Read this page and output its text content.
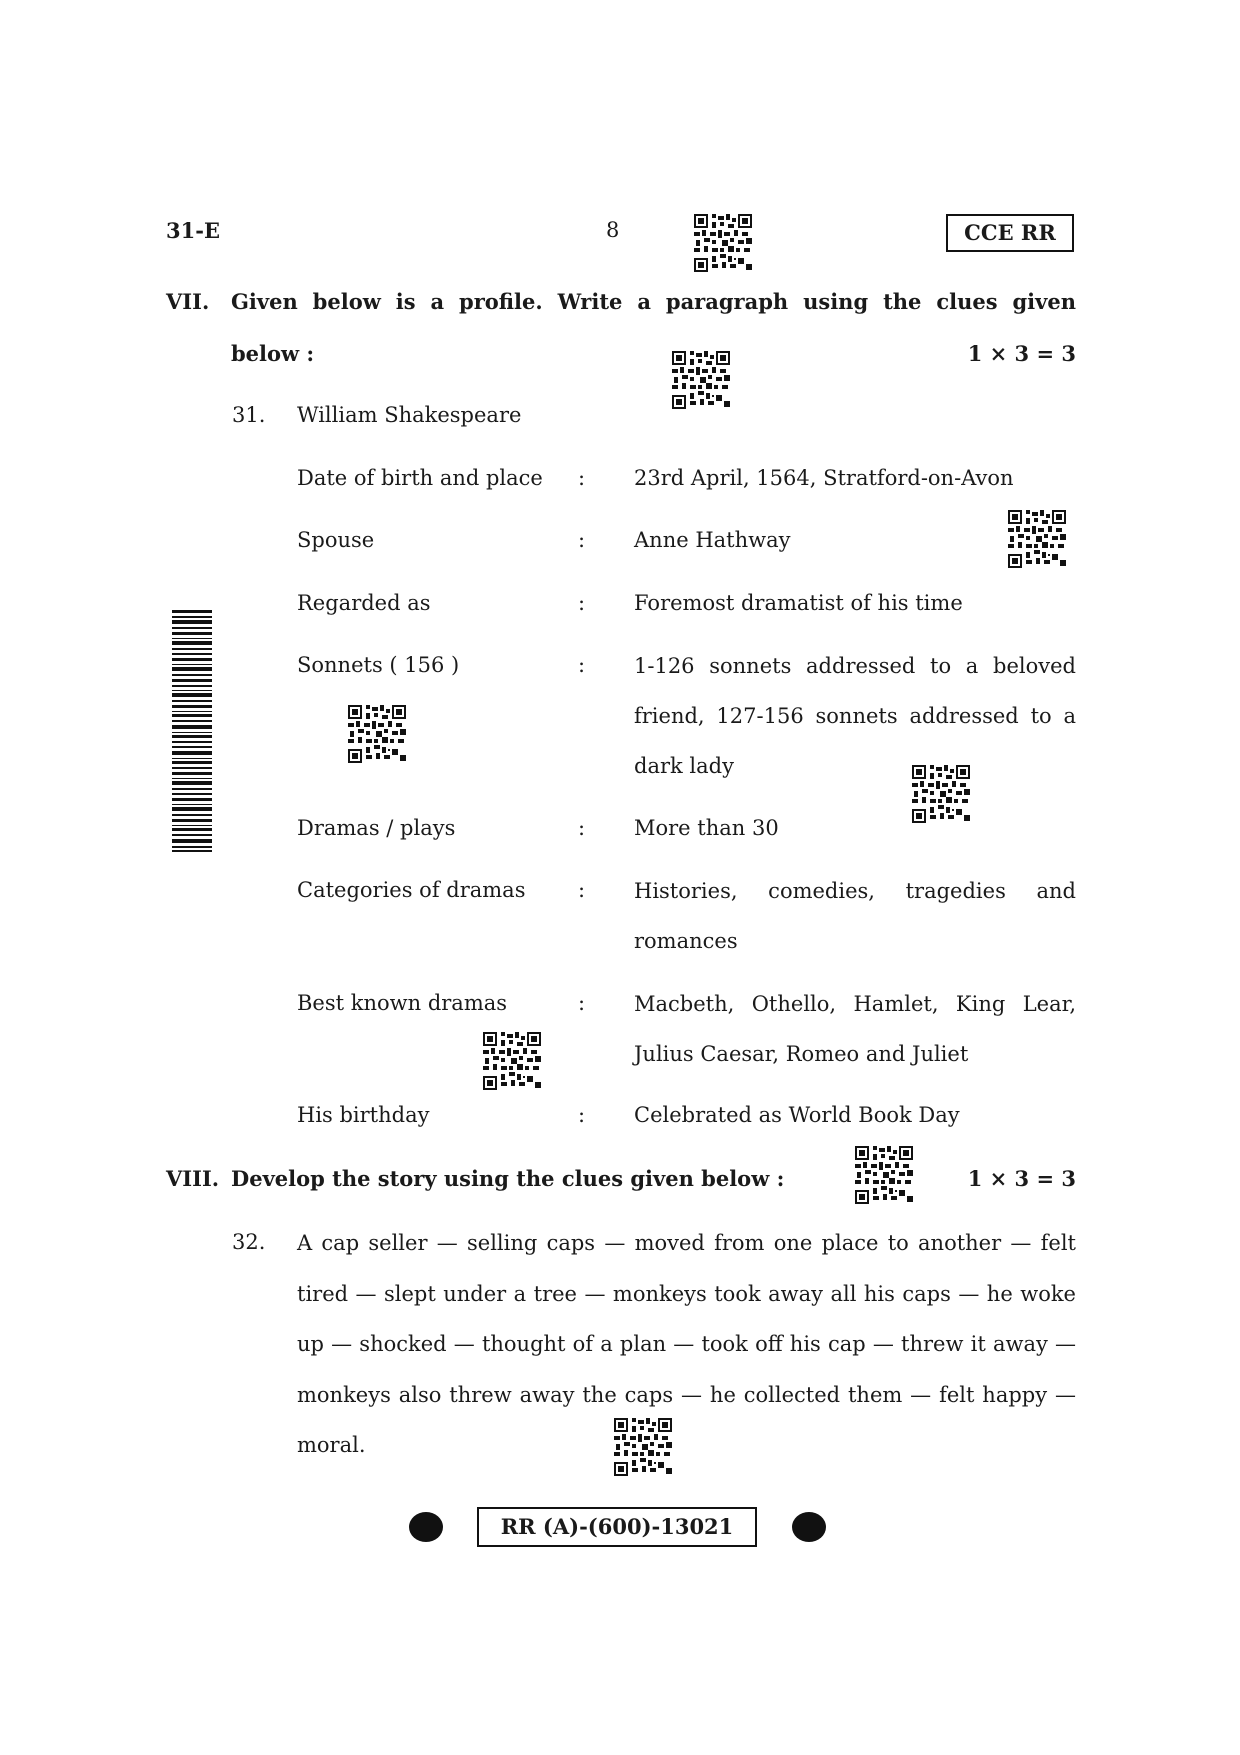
31-E	8	CCE RR
VII. Given below is a profile. Write a paragraph using the clues given
below :	1 × 3 = 3
31. William Shakespeare
Date of birth and place : 23rd April, 1564, Stratford-on-Avon
Spouse	: Anne Hathway
Regarded as	: Foremost dramatist of his time
Sonnets ( 156 )	: 1-126 sonnets addressed to a beloved friend, 127-156 sonnets addressed to a dark lady
Dramas / plays	: More than 30
Categories of dramas	: Histories, comedies, tragedies and romances
Best known dramas	: Macbeth, Othello, Hamlet, King Lear, Julius Caesar, Romeo and Juliet
His birthday	: Celebrated as World Book Day
VIII. Develop the story using the clues given below :	1 × 3 = 3
32. A cap seller — selling caps — moved from one place to another — felt tired — slept under a tree — monkeys took away all his caps — he woke up — shocked — thought of a plan — took off his cap — threw it away — monkeys also threw away the caps — he collected them — felt happy — moral.
RR (A)-(600)-13021
